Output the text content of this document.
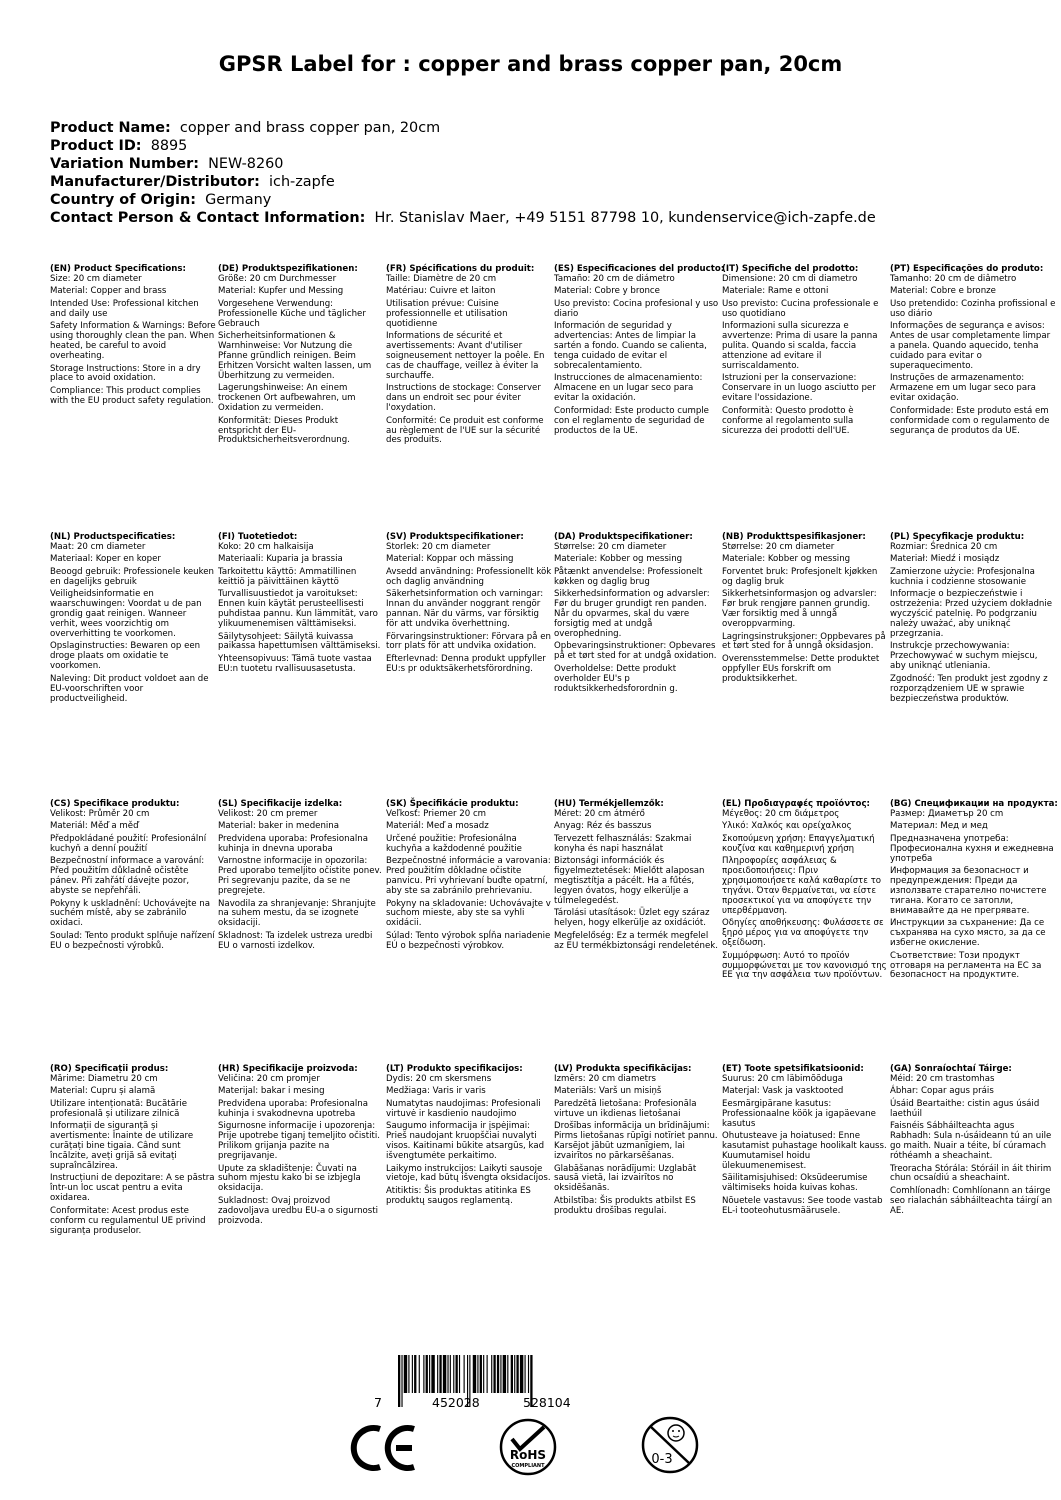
GPSR Label for : copper and brass copper pan, 20cm
Product Name: copper and brass copper pan, 20cm
Product ID: 8895
Variation Number: NEW-8260
Manufacturer/Distributor: ich-zapfe
Country of Origin: Germany
Contact Person & Contact Information: Hr. Stanislav Maer, +49 5151 87798 10, kundenservice@ich-zapfe.de
(EN) Product Specifications:
Size: 20 cm diameter
Material: Copper and brass
Intended Use: Professional kitchen and daily use
Safety Information & Warnings: Before using thoroughly clean the pan. When heated, be careful to avoid overheating.
Storage Instructions: Store in a dry place to avoid oxidation.
Compliance: This product complies with the EU product safety regulation.
(DE) Produktspezifikationen:
Größe: 20 cm Durchmesser
Material: Kupfer und Messing
Vorgesehene Verwendung: Professionelle Küche und täglicher Gebrauch
Sicherheitsinformationen & Warnhinweise: Vor Nutzung die Pfanne gründlich reinigen. Beim Erhitzen Vorsicht walten lassen, um Überhitzung zu vermeiden.
Lagerungshinweise: An einem trockenen Ort aufbewahren, um Oxidation zu vermeiden.
Konformität: Dieses Produkt entspricht der EU-Produktsicherheitsverordnung.
(FR) Spécifications du produit:
Taille: Diamètre de 20 cm
Matériau: Cuivre et laiton
Utilisation prévue: Cuisine professionnelle et utilisation quotidienne
Informations de sécurité et avertissements: Avant d'utiliser soigneusement nettoyer la poêle. En cas de chauffage, veillez à éviter la surchauffe.
Instructions de stockage: Conserver dans un endroit sec pour éviter l'oxydation.
Conformité: Ce produit est conforme au règlement de l'UE sur la sécurité des produits.
(ES) Especificaciones del producto:
Tamaño: 20 cm de diámetro
Material: Cobre y bronce
Uso previsto: Cocina profesional y uso diario
Información de seguridad y advertencias: Antes de limpiar la sartén a fondo. Cuando se calienta, tenga cuidado de evitar el sobrecalentamiento.
Instrucciones de almacenamiento: Almacene en un lugar seco para evitar la oxidación.
Conformidad: Este producto cumple con el reglamento de seguridad de productos de la UE.
(IT) Specifiche del prodotto:
Dimensione: 20 cm di diametro
Materiale: Rame e ottoni
Uso previsto: Cucina professionale e uso quotidiano
Informazioni sulla sicurezza e avvertenze: Prima di usare la panna pulita. Quando si scalda, faccia attenzione ad evitare il surriscaldamento.
Istruzioni per la conservazione: Conservare in un luogo asciutto per evitare l'ossidazione.
Conformità: Questo prodotto è conforme al regolamento sulla sicurezza dei prodotti dell'UE.
(PT) Especificações do produto:
Tamanho: 20 cm de diâmetro
Material: Cobre e bronze
Uso pretendido: Cozinha profissional e uso diário
Informações de segurança e avisos: Antes de usar completamente limpar a panela. Quando aquecido, tenha cuidado para evitar o superaquecimento.
Instruções de armazenamento: Armazene em um lugar seco para evitar oxidação.
Conformidade: Este produto está em conformidade com o regulamento de segurança de produtos da UE.
(NL) Productspecificaties:
Maat: 20 cm diameter
Materiaal: Koper en koper
Beoogd gebruik: Professionele keuken en dagelijks gebruik
Veiligheidsinformatie en waarschuwingen: Voordat u de pan grondig gaat reinigen. Wanneer verhit, wees voorzichtig om oververhitting te voorkomen.
Opslaginstructies: Bewaren op een droge plaats om oxidatie te voorkomen.
Naleving: Dit product voldoet aan de EU-voorschriften voor productveiligheid.
(FI) Tuotetiedot:
Koko: 20 cm halkaisija
Materiaali: Kuparia ja brassia
Tarkoitettu käyttö: Ammatillinen keittiö ja päivittäinen käyttö
Turvallisuustiedot ja varoitukset: Ennen kuin käytät perusteellisesti puhdistaa pannu. Kun lämmität, varo ylikuumenemisen välttämiseksi.
Säilytysohjeet: Säilytä kuivassa paikassa hapettumisen välttämiseksi.
Yhteensopivuus: Tämä tuote vastaa EU:n tuotetu rvallisuusasetusta.
(SV) Produktspecifikationer:
Storlek: 20 cm diameter
Material: Koppar och mässing
Avsedd användning: Professionellt kök och daglig användning
Säkerhetsinformation och varningar: Innan du använder noggrant rengör pannan. När du värms, var försiktig för att undvika överhettning.
Förvaringsinstruktioner: Förvara på en torr plats för att undvika oxidation.
Efterlevnad: Denna produkt uppfyller EU:s pr oduktsäkerhetsförordning.
(DA) Produktspecifikationer:
Størrelse: 20 cm diameter
Materiale: Kobber og messing
Påtænkt anvendelse: Professionelt køkken og daglig brug
Sikkerhedsinformation og advarsler: Før du bruger grundigt ren panden. Når du opvarmes, skal du være forsigtig med at undgå overophedning.
Opbevaringsinstruktioner: Opbevares på et tørt sted for at undgå oxidation.
Overholdelse: Dette produkt overholder EU's p roduktsikkerhedsforordnin g.
(NB) Produkttspesifikasjoner:
Størrelse: 20 cm diameter
Materiale: Kobber og messing
Forventet bruk: Profesjonelt kjøkken og daglig bruk
Sikkerhetsinformasjon og advarsler: Før bruk rengjøre pannen grundig. Vær forsiktig med å unngå overoppvarming.
Lagringsinstruksjoner: Oppbevares på et tørt sted for å unngå oksidasjon.
Overensstemmelse: Dette produktet oppfyller EUs forskrift om produktsikkerhet.
(PL) Specyfikacje produktu:
Rozmiar: Średnica 20 cm
Materiał: Miedź i mosiądz
Zamierzone użycie: Profesjonalna kuchnia i codzienne stosowanie
Informacje o bezpieczeństwie i ostrzeżenia: Przed użyciem dokładnie wyczyścić patelnię. Po podgrzaniu należy uważać, aby uniknąć przegrzania.
Instrukcje przechowywania: Przechowywać w suchym miejscu, aby uniknąć utleniania.
Zgodność: Ten produkt jest zgodny z rozporządzeniem UE w sprawie bezpieczeństwa produktów.
(CS) Specifikace produktu:
Velikost: Průměr 20 cm
Materiál: Měď a měď
Předpokládané použití: Profesionální kuchyň a denní použití
Bezpečnostní informace a varování: Před použitím důkladně očistěte pánev. Při zahřátí dávejte pozor, abyste se nepřehřáli.
Pokyny k uskladnění: Uchovávejte na suchém místě, aby se zabránilo oxidaci.
Soulad: Tento produkt splňuje nařízení EU o bezpečnosti výrobků.
(SL) Specifikacije izdelka:
Velikost: 20 cm premer
Material: baker in medenina
Predvidena uporaba: Profesionalna kuhinja in dnevna uporaba
Varnostne informacije in opozorila: Pred uporabo temeljito očistite ponev. Pri segrevanju pazite, da se ne pregrejete.
Navodila za shranjevanje: Shranjujte na suhem mestu, da se izognete oksidaciji.
Skladnost: Ta izdelek ustreza uredbi EU o varnosti izdelkov.
(SK) Špecifikácie produktu:
Veľkosť: Priemer 20 cm
Materiál: Meď a mosadz
Určené použitie: Profesionálna kuchyňa a každodenné použitie
Bezpečnostné informácie a varovania: Pred použitím dôkladne očistite panvicu. Pri vyhrievaní buďte opatrní, aby ste sa zabránilo prehrievaniu.
Pokyny na skladovanie: Uchovávajte v suchom mieste, aby ste sa vyhli oxidácii.
Súlad: Tento výrobok spĺňa nariadenie EÚ o bezpečnosti výrobkov.
(HU) Termékjellemzők:
Méret: 20 cm átmérő
Anyag: Réz és basszus
Tervezett felhasználás: Szakmai konyha és napi használat
Biztonsági információk és figyelmeztetések: Mielőtt alaposan megtisztítja a pácélt. Ha a fűtés, legyen óvatos, hogy elkerülje a túlmelegedést.
Tárolási utasítások: Üzlet egy száraz helyen, hogy elkerülje az oxidációt.
Megfelelőség: Ez a termék megfelel az EU termékbiztonsági rendeletének.
(EL) Προδιαγραφές προϊόντος:
Μέγεθος: 20 cm διάμετρος
Υλικό: Χαλκός και ορείχαλκος
Σκοπούμενη χρήση: Επαγγελματική κουζίνα και καθημερινή χρήση
Πληροφορίες ασφάλειας & προειδοποιήσεις: Πριν χρησιμοποιήσετε καλά καθαρίστε το τηγάνι. Όταν θερμαίνεται, να είστε προσεκτικοί για να αποφύγετε την υπερθέρμανση.
Οδηγίες αποθήκευσης: Φυλάσσετε σε ξηρό μέρος για να αποφύγετε την οξείδωση.
Συμμόρφωση: Αυτό το προϊόν συμμορφώνεται με τον κανονισμό της ΕΕ για την ασφάλεια των προϊόντων.
(BG) Спецификации на продукта:
Размер: Диаметър 20 cm
Материал: Мед и мед
Предназначена употреба: Професионална кухня и ежедневна употреба
Информация за безопасност и предупреждения: Преди да използвате старателно почистете тигана. Когато се затопли, внимавайте да не прегрявате.
Инструкции за съхранение: Да се съхранява на сухо място, за да се избегне окисление.
Съответствие: Този продукт отговаря на регламента на ЕС за безопасност на продуктите.
(RO) Specificații produs:
Mărime: Diametru 20 cm
Material: Cupru și alamă
Utilizare intenționată: Bucătărie profesională și utilizare zilnică
Informații de siguranță și avertismente: Înainte de utilizare curățați bine tigaia. Când sunt încălzite, aveți grijă să evitați supraîncălzirea.
Instrucțiuni de depozitare: A se păstra într-un loc uscat pentru a evita oxidarea.
Conformitate: Acest produs este conform cu regulamentul UE privind siguranța produselor.
(HR) Specifikacije proizvoda:
Veličina: 20 cm promjer
Materijal: bakar i mesing
Predviđena uporaba: Profesionalna kuhinja i svakodnevna upotreba
Sigurnosne informacije i upozorenja: Prije upotrebe tiganj temeljito očistiti. Prilikom grijanja pazite na pregrijavanje.
Upute za skladištenje: Čuvati na suhom mjestu kako bi se izbjegla oksidacija.
Sukladnost: Ovaj proizvod zadovoljava uredbu EU-a o sigurnosti proizvoda.
(LT) Produkto specifikacijos:
Dydis: 20 cm skersmens
Medžiaga: Varis ir varis
Numatytas naudojimas: Profesionali virtuvė ir kasdienio naudojimo
Saugumo informacija ir įspėjimai: Prieš naudojant kruopščiai nuvalyti visos. Kaitinami būkite atsargūs, kad išvengtumėte perkaitimo.
Laikymo instrukcijos: Laikyti sausoje vietoje, kad būtų išvengta oksidacijos.
Atitiktis: Šis produktas atitinka ES produktų saugos reglamentą.
(LV) Produkta specifikācijas:
Izmērs: 20 cm diametrs
Materiāls: Varš un misiņš
Paredzētā lietošana: Profesionāla virtuve un ikdienas lietošanai
Drošības informācija un brīdinājumi: Pirms lietošanas rūpīgi notīriet pannu. Karsējot jābūt uzmanīgiem, lai izvairītos no pārkarsēšanas.
Glabāšanas norādījumi: Uzglabāt sausā vietā, lai izvairītos no oksidēšanās.
Atbilstība: Šis produkts atbilst ES produktu drošības regulai.
(ET) Toote spetsifikatsioonid:
Suurus: 20 cm läbimõõduga
Materjal: Vask ja vasktooted
Eesmärgipärane kasutus: Professionaalne köök ja igapäevane kasutus
Ohutusteave ja hoiatused: Enne kasutamist puhastage hoolikalt kauss. Kuumutamisel hoidu ülekuumenemisest.
Säilitamisjuhised: Oksüdeerumise vältimiseks hoida kuivas kohas.
Nõuetele vastavus: See toode vastab EL-i tooteohutusmäärusele.
(GA) Sonraíochtaí Táirge:
Méid: 20 cm trastomhas
Ábhar: Copar agus práis
Úsáid Beartaithe: cistin agus úsáid laethúil
Faisnéis Sábháilteachta agus Rabhadh: Sula n-úsáideann tú an uile go maith. Nuair a téite, bí cúramach róthéamh a sheachaint.
Treoracha Stórála: Stóráil in áit thirim chun ocsaídiú a sheachaint.
Comhlíonadh: Comhlíonann an táirge seo rialachán sábháilteachta táirgí an AE.
7	452028	528104
RoHS
COMPLIANT	0-3
